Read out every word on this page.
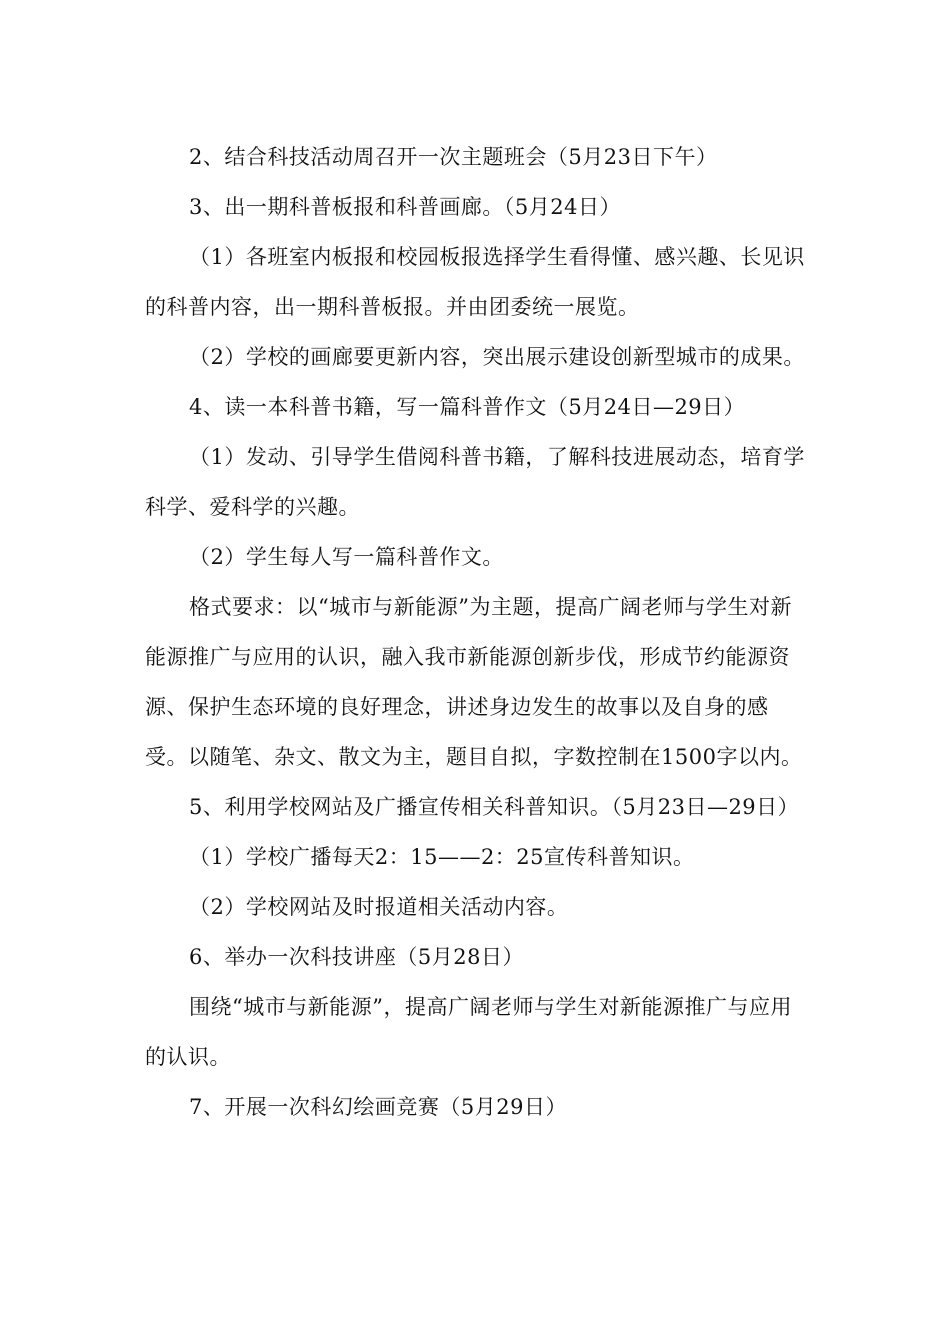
2、结合科技活动周召开一次主题班会（5月23日下午）

3、出一期科普板报和科普画廊。（5月24日）

（1）各班室内板报和校园板报选择学生看得懂、感兴趣、长见识的科普内容，出一期科普板报。并由团委统一展览。

（2）学校的画廊要更新内容，突出展示建设创新型城市的成果。

4、读一本科普书籍，写一篇科普作文（5月24日—29日）

（1）发动、引导学生借阅科普书籍，了解科技进展动态，培育学科学、爱科学的兴趣。

（2）学生每人写一篇科普作文。

格式要求：以“城市与新能源”为主题，提高广阔老师与学生对新能源推广与应用的认识，融入我市新能源创新步伐，形成节约能源资源、保护生态环境的良好理念，讲述身边发生的故事以及自身的感受。以随笔、杂文、散文为主，题目自拟，字数控制在1500字以内。

5、利用学校网站及广播宣传相关科普知识。（5月23日—29日）

（1）学校广播每天2：15——2：25宣传科普知识。

（2）学校网站及时报道相关活动内容。

6、举办一次科技讲座（5月28日）

围绕“城市与新能源”，提高广阔老师与学生对新能源推广与应用的认识。

7、开展一次科幻绘画竞赛（5月29日）
